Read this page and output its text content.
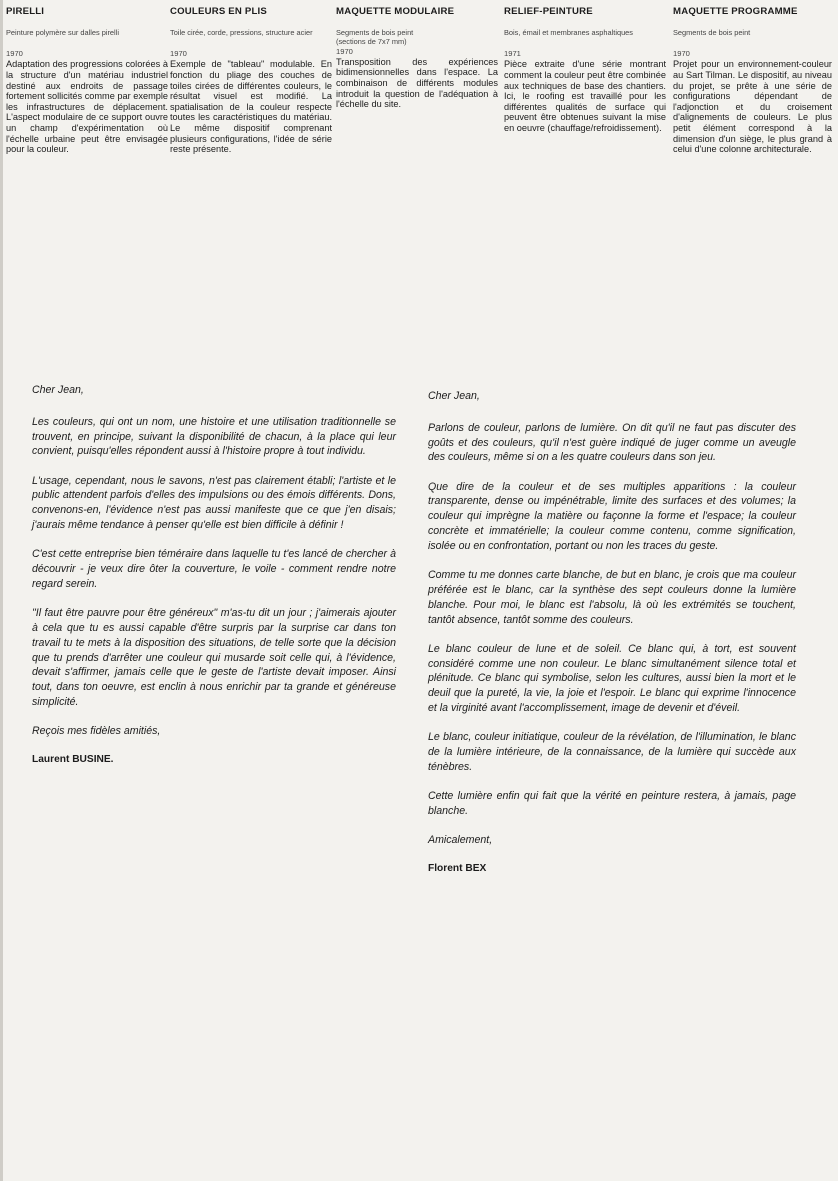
PIRELLI

Peinture polymère sur dalles pirelli

1970

Adaptation des progressions colorées à la structure d'un matériau industriel destiné aux endroits de passage fortement sollicités comme par exemple les infrastructures de déplacement. L'aspect modulaire de ce support ouvre un champ d'expérimentation où l'échelle urbaine peut être envisagée pour la couleur.

COULEURS EN PLIS

Toile cirée, corde, pressions, structure acier

1970

Exemple de "tableau" modulable. En fonction du pliage des couches de toiles cirées de différentes couleurs, le résultat visuel est modifié. La spatialisation de la couleur respecte toutes les caractéristiques du matériau. Le même dispositif comprenant plusieurs configurations, l'idée de série reste présente.

MAQUETTE MODULAIRE

Segments de bois peint

(sections de 7x7 mm)

1970

Transposition des expériences bidimensionnelles dans l'espace. La combinaison de différents modules introduit la question de l'adéquation à l'échelle du site.

RELIEF-PEINTURE

Bois, émail et membranes asphaltiques

1971

Pièce extraite d'une série montrant comment la couleur peut être combinée aux techniques de base des chantiers. Ici, le roofing est travaillé pour les différentes qualités de surface qui peuvent être obtenues suivant la mise en oeuvre (chauffage/refroidissement).

MAQUETTE PROGRAMME

Segments de bois peint

1970

Projet pour un environnement-couleur au Sart Tilman. Le dispositif, au niveau du projet, se prête à une série de configurations dépendant de l'adjonction et du croisement d'alignements de couleurs. Le plus petit élément correspond à la dimension d'un siège, le plus grand à celui d'une colonne architecturale.

Cher Jean,

Les couleurs, qui ont un nom, une histoire et une utilisation traditionnelle se trouvent, en principe, suivant la disponibilité de chacun, à la place qui leur convient, puisqu'elles répondent aussi à l'histoire propre à tout individu.

L'usage, cependant, nous le savons, n'est pas clairement établi; l'artiste et le public attendent parfois d'elles des impulsions ou des émois différents. Dons, convenons-en, l'évidence n'est pas aussi manifeste que ce que j'en disais; j'aurais même tendance à penser qu'elle est bien difficile à définir !

C'est cette entreprise bien téméraire dans laquelle tu t'es lancé de chercher à découvrir - je veux dire ôter la couverture, le voile - comment rendre notre regard serein.

"Il faut être pauvre pour être généreux" m'as-tu dit un jour ; j'aimerais ajouter à cela que tu es aussi capable d'être surpris par la surprise car dans ton travail tu te mets à la disposition des situations, de telle sorte que la décision que tu prends d'arrêter une couleur qui musarde soit celle qui, à l'évidence, devait s'affirmer, jamais celle que le geste de l'artiste devait imposer. Ainsi tout, dans ton oeuvre, est enclin à nous enrichir par ta grande et généreuse simplicité.

Reçois mes fidèles amitiés,

Laurent BUSINE.

Cher Jean,

Parlons de couleur, parlons de lumière. On dit qu'il ne faut pas discuter des goûts et des couleurs, qu'il n'est guère indiqué de juger comme un aveugle des couleurs, même si on a les quatre couleurs dans son jeu.

Que dire de la couleur et de ses multiples apparitions : la couleur transparente, dense ou impénétrable, limite des surfaces et des volumes; la couleur qui imprègne la matière ou façonne la forme et l'espace; la couleur concrète et immatérielle; la couleur comme contenu, comme signification, isolée ou en confrontation, portant ou non les traces du geste.

Comme tu me donnes carte blanche, de but en blanc, je crois que ma couleur préférée est le blanc, car la synthèse des sept couleurs donne la lumière blanche. Pour moi, le blanc est l'absolu, là où les extrémités se touchent, tantôt absence, tantôt somme des couleurs.

Le blanc couleur de lune et de soleil. Ce blanc qui, à tort, est souvent considéré comme une non couleur. Le blanc simultanément silence total et plénitude. Ce blanc qui symbolise, selon les cultures, aussi bien la mort et le deuil que la pureté, la vie, la joie et l'espoir. Le blanc qui exprime l'innocence et la virginité avant l'accomplissement, image de devenir et d'éveil.

Le blanc, couleur initiatique, couleur de la révélation, de l'illumination, le blanc de la lumière intérieure, de la connaissance, de la lumière qui succède aux ténèbres.

Cette lumière enfin qui fait que la vérité en peinture restera, à jamais, page blanche.

Amicalement,

Florent BEX
